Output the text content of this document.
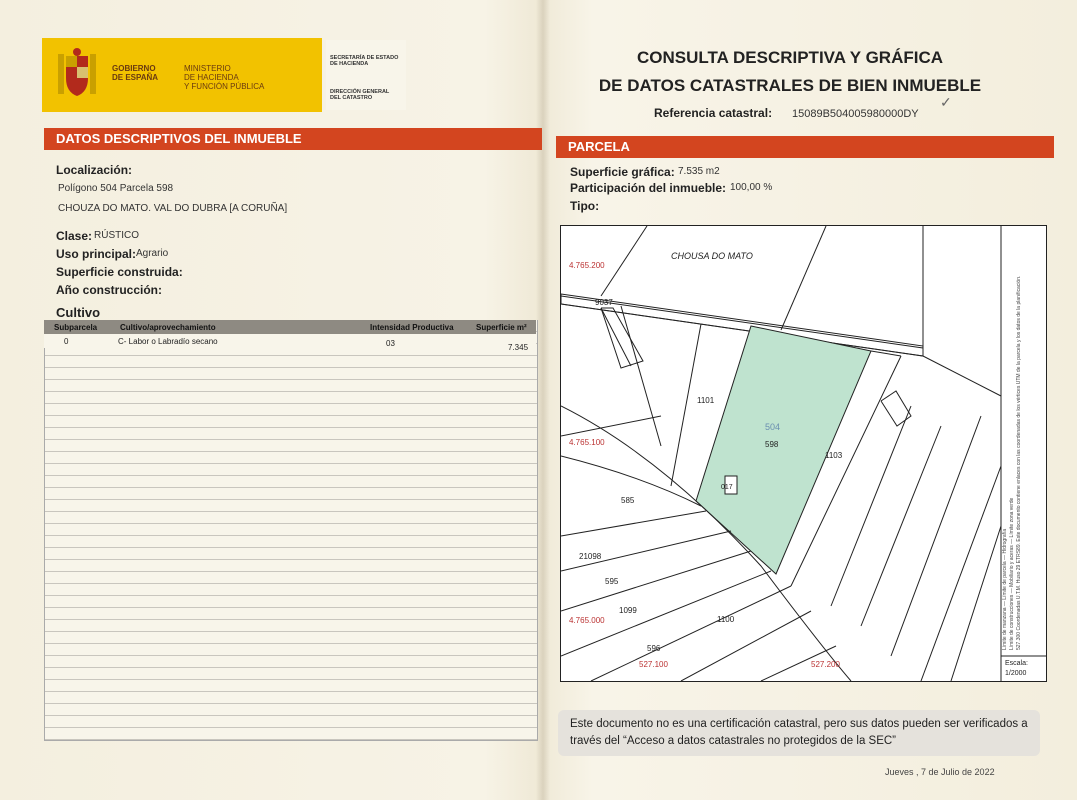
GOBIERNO
DE ESPAÑA
MINISTERIO
DE HACIENDA
Y FUNCIÓN PÚBLICA
SECRETARÍA DE ESTADO
DE HACIENDA
DIRECCIÓN GENERAL
DEL CATASTRO
CONSULTA DESCRIPTIVA Y GRÁFICA
DE DATOS CATASTRALES DE BIEN INMUEBLE
Referencia catastral: 15089B504005980000DY
✓
DATOS DESCRIPTIVOS DEL INMUEBLE
Localización:
Polígono 504 Parcela 598
CHOUZA DO MATO. VAL DO DUBRA [A CORUÑA]
Clase: RÚSTICO
Uso principal: Agrario
Superficie construida:
Año construcción:
Cultivo
Subparcela	Cultivo/aprovechamiento	Intensidad Productiva	Superficie m²
0	C- Labor o Labradío secano	03	7.345
PARCELA
Superficie gráfica: 7.535 m2
Participación del inmueble: 100,00 %
Tipo:
CHOUSA DO MATO
4.765.200
4.765.100
4.765.000
527.100	527.200
9037
1101
504
598
1103
585
21098
595
1099
1100
596
017
Escala:
1/2000
Límite de manzana — Límite de parcela — Hidrografía
Límite de construcciones — Mobiliario y aceras — Límite zona verde
527.300 Coordenadas U.T.M. Huso 29 ETRS89. Este documento contiene enlaces con las coordenadas de los vértices UTM de la parcela y los datos de la planificación.
Este documento no es una certificación catastral, pero sus datos pueden ser verificados a través del “Acceso a datos catastrales no protegidos de la SEC”
Jueves , 7 de Julio de 2022
